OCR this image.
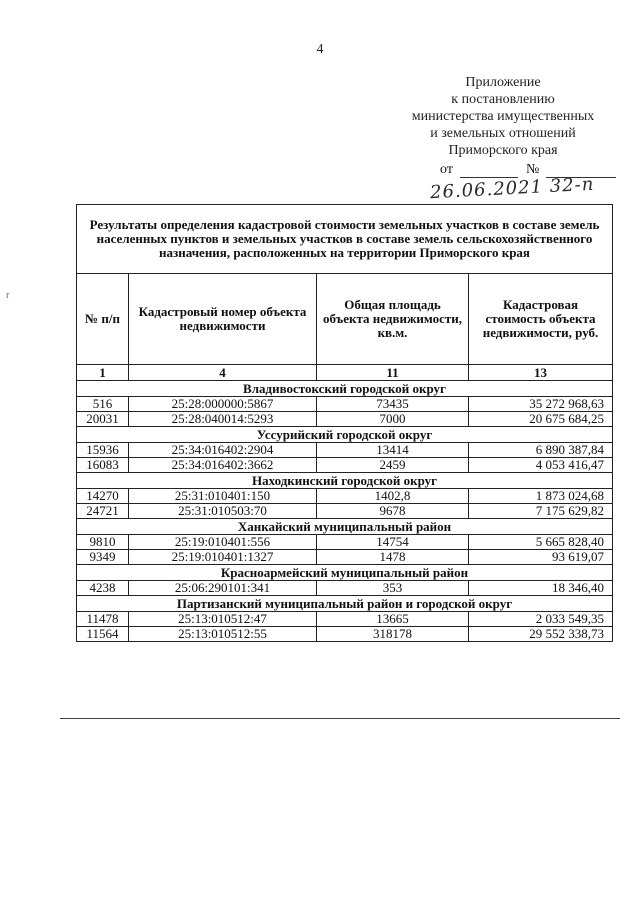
4
Приложение
к постановлению
министерства имущественных
и земельных отношений
Приморского края
от	№
26.06.2021 32-п
r
Результаты определения кадастровой стоимости земельных участков в составе земель населенных пунктов и земельных участков в составе земель сельскохозяйственного назначения, расположенных на территории Приморского края			
№ п/п	Кадастровый номер объекта недвижимости	Общая площадь объекта недвижимости, кв.м.	Кадастровая стоимость объекта недвижимости, руб.
1	4	11	13
Владивостокский городской округ			
516	25:28:000000:5867	73435	35 272 968,63
20031	25:28:040014:5293	7000	20 675 684,25
Уссурийский городской округ			
15936	25:34:016402:2904	13414	6 890 387,84
16083	25:34:016402:3662	2459	4 053 416,47
Находкинский городской округ			
14270	25:31:010401:150	1402,8	1 873 024,68
24721	25:31:010503:70	9678	7 175 629,82
Ханкайский муниципальный район			
9810	25:19:010401:556	14754	5 665 828,40
9349	25:19:010401:1327	1478	93 619,07
Красноармейский муниципальный район			
4238	25:06:290101:341	353	18 346,40
Партизанский муниципальный район и городской округ			
11478	25:13:010512:47	13665	2 033 549,35
11564	25:13:010512:55	318178	29 552 338,73
